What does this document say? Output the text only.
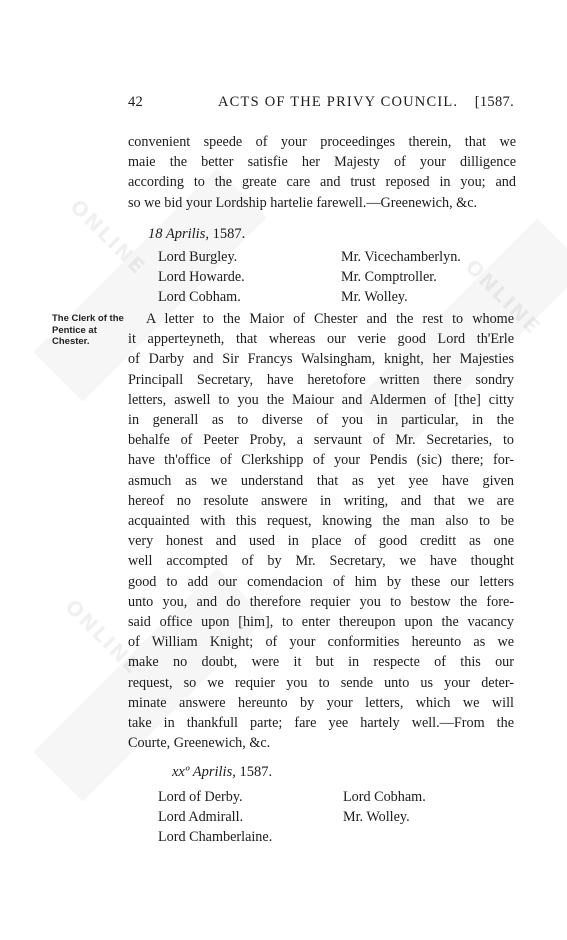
ONLINE
ONLINE
ONLINE
42	ACTS OF THE PRIVY COUNCIL. [1587.
convenient speede of your proceedinges therein, that we
maie the better satisfie her Majesty of your dilligence
according to the greate care and trust reposed in you; and
so we bid your Lordship hartelie farewell.—Greenewich, &c.
18 Aprilis, 1587.
Lord Burgley.
Lord Howarde.
Lord Cobham.
Mr. Vicechamberlyn.
Mr. Comptroller.
Mr. Wolley.
The Clerk of the Pentice at Chester.
A letter to the Maior of Chester and the rest to whome
it apperteyneth, that whereas our verie good Lord th'Erle
of Darby and Sir Francys Walsingham, knight, her Majesties
Principall Secretary, have heretofore written there sondry
letters, aswell to you the Maiour and Aldermen of [the] citty
in generall as to diverse of you in particular, in the
behalfe of Peeter Proby, a servaunt of Mr. Secretaries, to
have th'office of Clerkshipp of your Pendis (sic) there; for-
asmuch as we understand that as yet yee have given
hereof no resolute answere in writing, and that we are
acquainted with this request, knowing the man also to be
very honest and used in place of good creditt as one
well accompted of by Mr. Secretary, we have thought
good to add our comendacion of him by these our letters
unto you, and do therefore requier you to bestow the fore-
said office upon [him], to enter thereupon upon the vacancy
of William Knight; of your conformities hereunto as we
make no doubt, were it but in respecte of this our
request, so we requier you to sende unto us your deter-
minate answere hereunto by your letters, which we will
take in thankfull parte; fare yee hartely well.—From the
Courte, Greenewich, &c.
xxº Aprilis, 1587.
Lord of Derby.
Lord Admirall.
Lord Chamberlaine.
Lord Cobham.
Mr. Wolley.
